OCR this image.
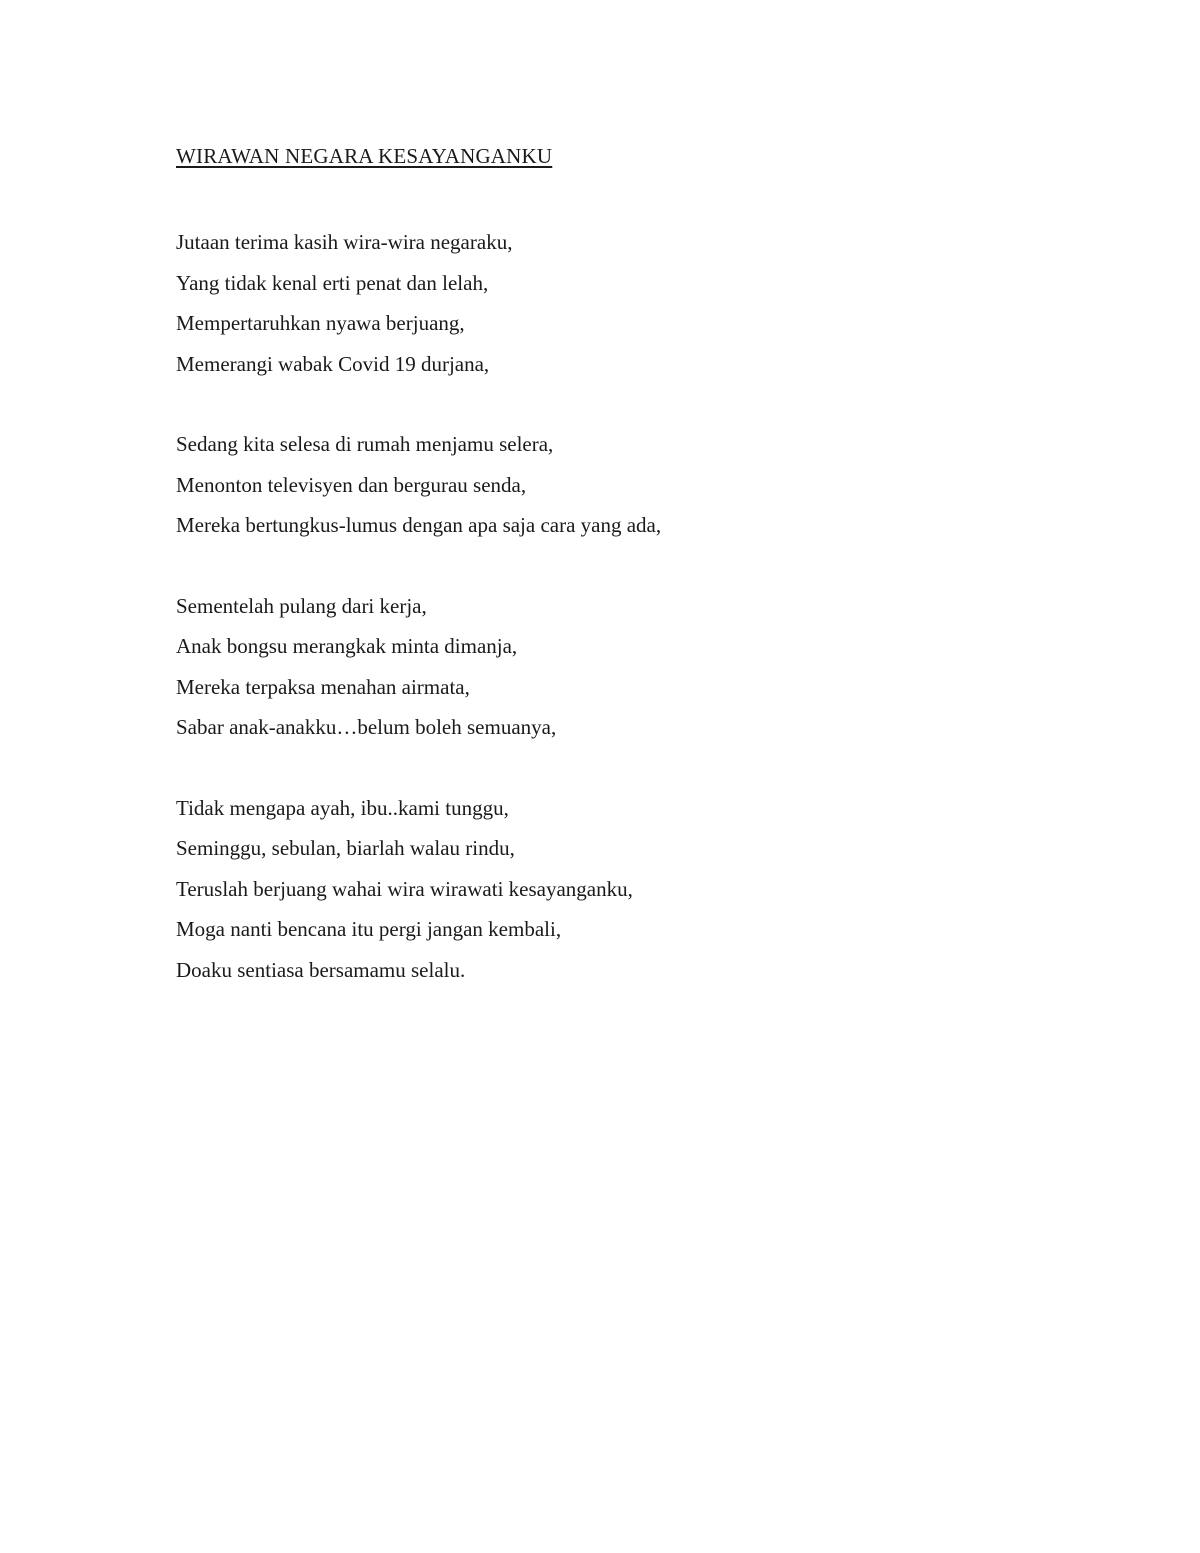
WIRAWAN NEGARA KESAYANGANKU
Jutaan terima kasih wira-wira negaraku,
Yang tidak kenal erti penat dan lelah,
Mempertaruhkan nyawa berjuang,
Memerangi wabak Covid 19 durjana,
Sedang kita selesa di rumah menjamu selera,
Menonton televisyen dan bergurau senda,
Mereka bertungkus-lumus dengan apa saja cara yang ada,
Sementelah pulang dari kerja,
Anak bongsu merangkak minta dimanja,
Mereka terpaksa menahan airmata,
Sabar anak-anakku…belum boleh semuanya,
Tidak mengapa ayah, ibu..kami tunggu,
Seminggu, sebulan, biarlah walau rindu,
Teruslah berjuang wahai wira wirawati kesayanganku,
Moga nanti bencana itu pergi jangan kembali,
Doaku sentiasa bersamamu selalu.
